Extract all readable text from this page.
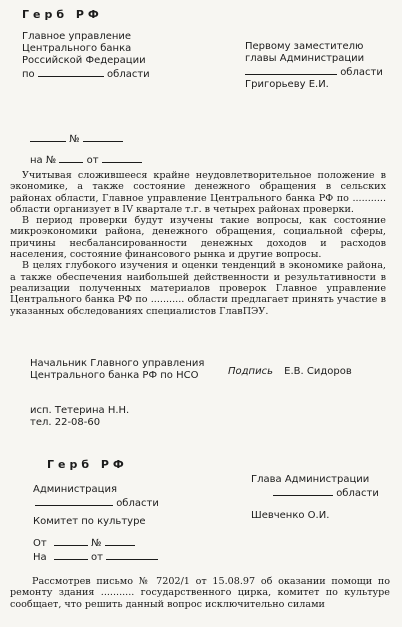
Герб РФ
Главное управление
Центрального банка
Российской Федерации
по	области
Первому заместителю
главы Администрации
области
Григорьеву Е.И.
№
на №	от

Учитывая сложившееся крайне неудовлетворительное положение в экономике, а также состояние денежного обращения в сельских районах области, Главное управление Центрального банка РФ по ........... области организует в IV квартале т.г. в четырех районах проверки.

В период проверки будут изучены такие вопросы, как состояние микроэкономики района, денежного обращения, социальной сферы, причины несбалансированности денежных доходов и расходов населения, состояние финансового рынка и другие вопросы.

В целях глубокого изучения и оценки тенденций в экономике района, а также обеспечения наибольшей действенности и результативности в реализации полученных материалов проверок Главное управление Центрального банка РФ по ........... области предлагает принять участие в указанных обследованиях специалистов ГлавПЭУ.

Начальник Главного управления
Центрального банка РФ по НСО	Подпись Е.В. Сидоров
исп. Тетерина Н.Н.
тел. 22-08-60
Герб РФ
Администрация
области
Комитет по культуре
Глава Администрации
области
Шевченко О.И.
От	№
На	от

Рассмотрев письмо № 7202/1 от 15.08.97 об оказании помощи по ремонту здания ........... государственного цирка, комитет по культуре сообщает, что решить данный вопрос исключительно силами
